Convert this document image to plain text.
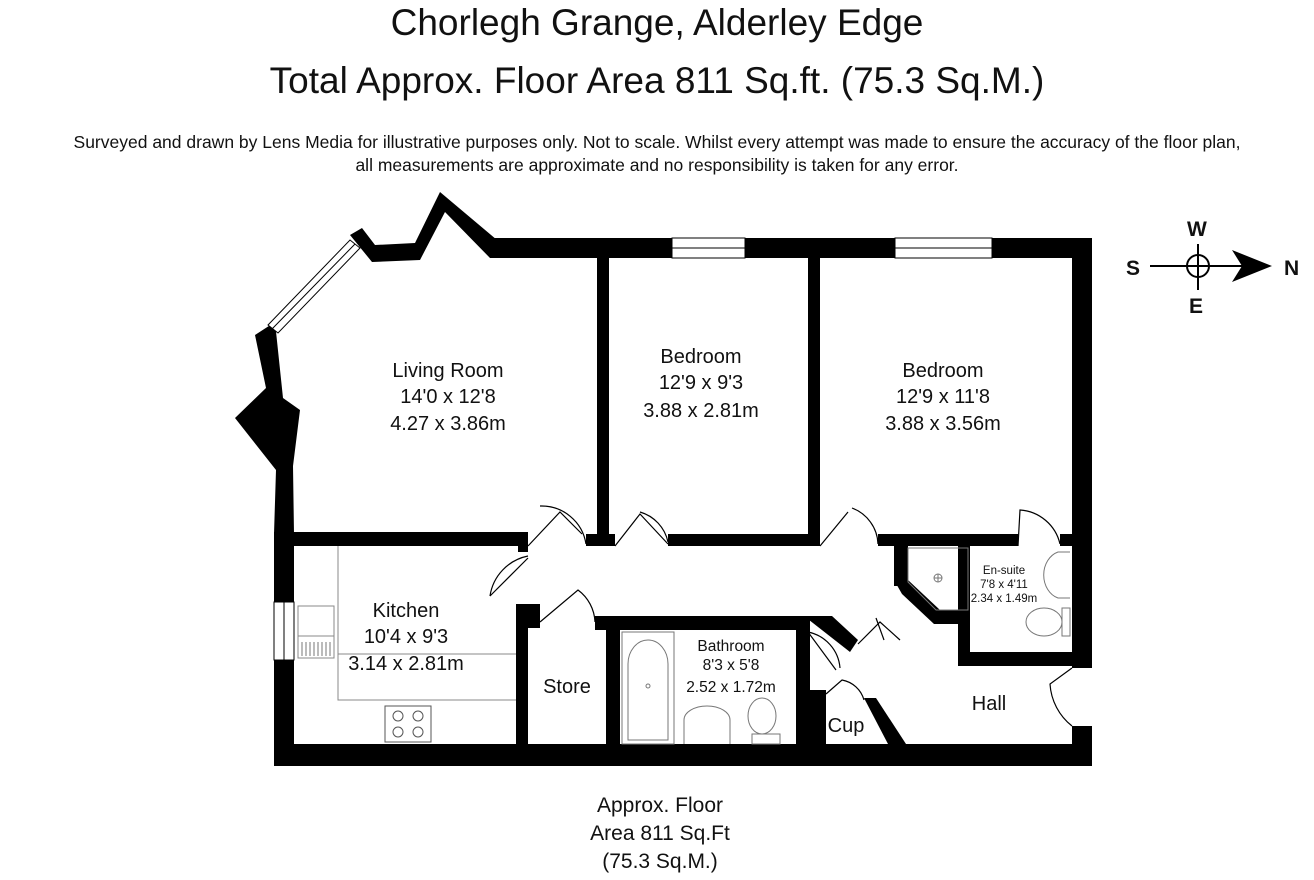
Chorlegh Grange, Alderley Edge
Total Approx. Floor Area 811 Sq.ft. (75.3 Sq.M.)
Surveyed and drawn by Lens Media for illustrative purposes only. Not to scale. Whilst every attempt was made to ensure the accuracy of the floor plan,
all measurements are approximate and no responsibility is taken for any error.
N
S
W
E
Living Room
14'0 x 12'8
4.27 x 3.86m
Bedroom
12'9 x 9'3
3.88 x 2.81m
Bedroom
12'9 x 11'8
3.88 x 3.56m
En-suite
7'8 x 4'11
2.34 x 1.49m
Kitchen
10'4 x 9'3
3.14 x 2.81m
Bathroom
8'3 x 5'8
2.52 x 1.72m
Store
Cup
Hall
Approx. Floor
Area 811 Sq.Ft
(75.3 Sq.M.)
